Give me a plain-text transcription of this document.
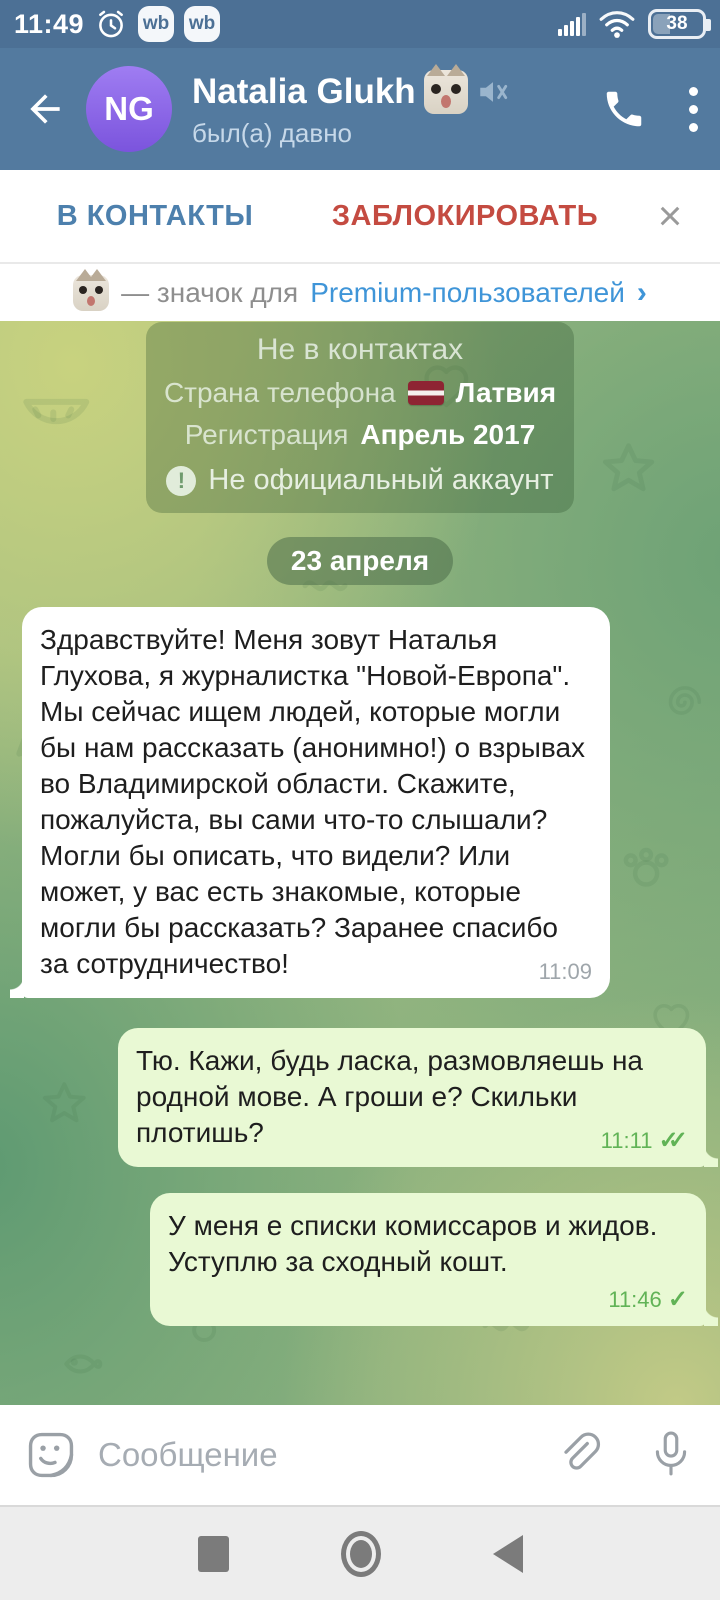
11:49	wb wb	38
NG	Natalia Glukh
был(а) давно
В КОНТАКТЫ	ЗАБЛОКИРОВАТЬ	×
— значок для Premium-пользователей ›
Не в контактах
Страна телефона Латвия
Регистрация Апрель 2017
! Не официальный аккаунт
23 апреля
Здравствуйте! Меня зовут Наталья Глухова, я журналистка "Новой-Европа". Мы сейчас ищем людей, которые могли бы нам рассказать (анонимно!) о взрывах во Владимирской области. Скажите, пожалуйста, вы сами что-то слышали? Могли бы описать, что видели? Или может, у вас есть знакомые, которые могли бы рассказать? Заранее спасибо за сотрудничество!	11:09
Тю. Кажи, будь ласка, размовляешь на родной мове. А гроши е? Скильки плотишь?	11:11 ✓✓
У меня е списки комиссаров и жидов. Уступлю за сходный кошт.
11:46 ✓
Сообщение
